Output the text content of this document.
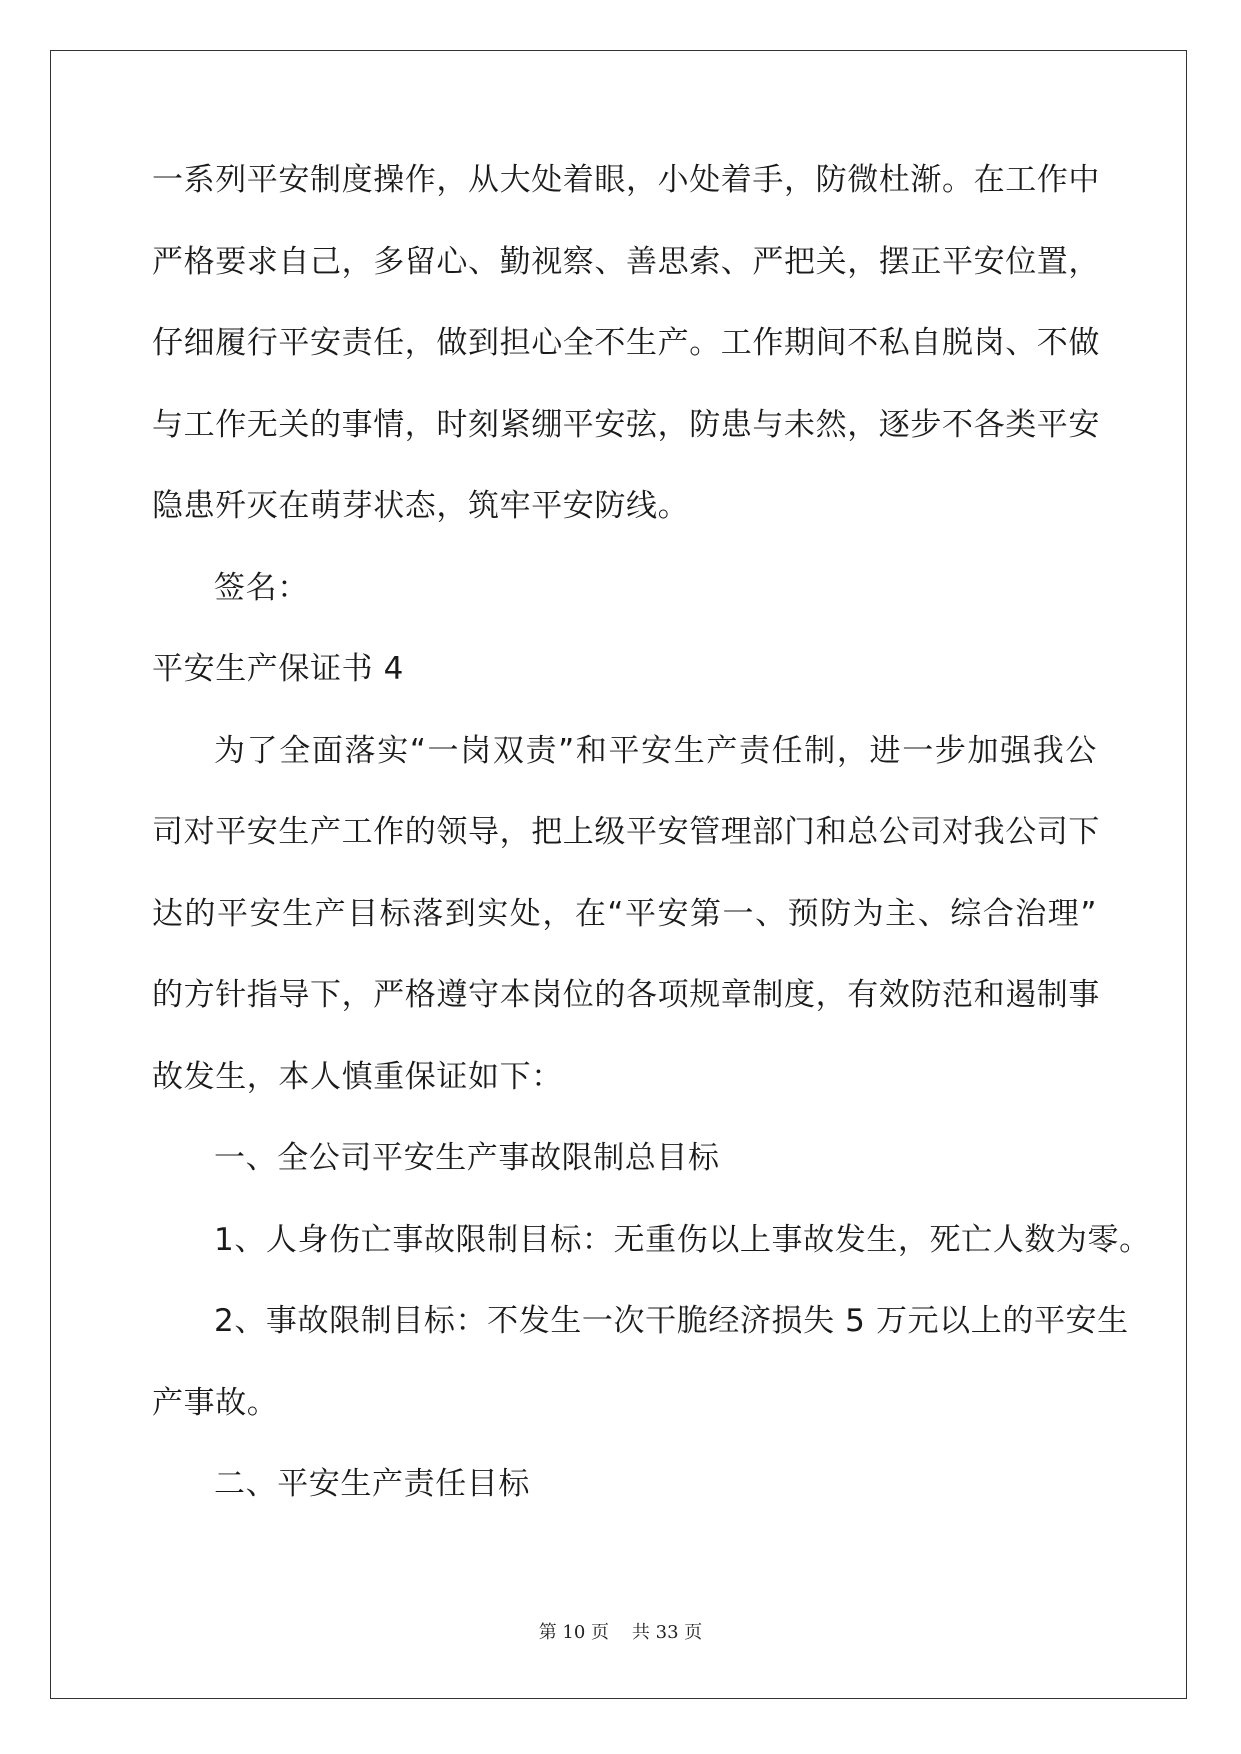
一系列平安制度操作，从大处着眼，小处着手，防微杜渐。在工作中
严格要求自己，多留心、勤视察、善思索、严把关，摆正平安位置，
仔细履行平安责任，做到担心全不生产。工作期间不私自脱岗、不做
与工作无关的事情，时刻紧绷平安弦，防患与未然，逐步不各类平安
隐患歼灭在萌芽状态，筑牢平安防线。
签名：
平安生产保证书 4
为了全面落实“一岗双责”和平安生产责任制，进一步加强我公
司对平安生产工作的领导，把上级平安管理部门和总公司对我公司下
达的平安生产目标落到实处，在“平安第一、预防为主、综合治理”
的方针指导下，严格遵守本岗位的各项规章制度，有效防范和遏制事
故发生，本人慎重保证如下：
一、全公司平安生产事故限制总目标
1、人身伤亡事故限制目标：无重伤以上事故发生，死亡人数为零。
2、事故限制目标：不发生一次干脆经济损失 5 万元以上的平安生
产事故。
二、平安生产责任目标
第 10 页    共 33 页
